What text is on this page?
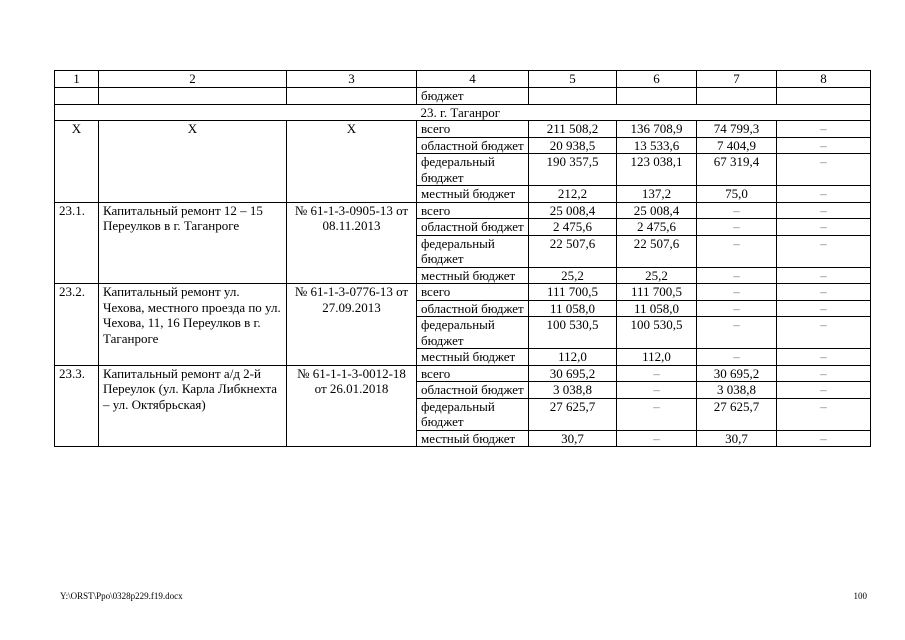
1	2	3	4	5	6	7	8
			бюджет				
			23. г. Таганрог				
Х	Х	Х	всего	211 508,2	136 708,9	74 799,3	–
			областной бюджет	20 938,5	13 533,6	7 404,9	–
			федеральный бюджет	190 357,5	123 038,1	67 319,4	–
			местный бюджет	212,2	137,2	75,0	–
23.1.	Капитальный ремонт 12 – 15 Переулков в г. Таганроге	№ 61-1-3-0905-13 от 08.11.2013	всего	25 008,4	25 008,4	–	–
			областной бюджет	2 475,6	2 475,6	–	–
			федеральный бюджет	22 507,6	22 507,6	–	–
			местный бюджет	25,2	25,2	–	–
23.2.	Капитальный ремонт ул. Чехова, местного проезда по ул. Чехова, 11, 16 Переулков в г. Таганроге	№ 61-1-3-0776-13 от 27.09.2013	всего	111 700,5	111 700,5	–	–
			областной бюджет	11 058,0	11 058,0	–	–
			федеральный бюджет	100 530,5	100 530,5	–	–
			местный бюджет	112,0	112,0	–	–
23.3.	Капитальный ремонт а/д 2-й Переулок (ул. Карла Либкнехта – ул. Октябрьская)	№ 61-1-1-3-0012-18 от 26.01.2018	всего	30 695,2	–	30 695,2	–
			областной бюджет	3 038,8	–	3 038,8	–
			федеральный бюджет	27 625,7	–	27 625,7	–
			местный бюджет	30,7	–	30,7	–
Y:\ORST\Ppo\0328p229.f19.docx	100
